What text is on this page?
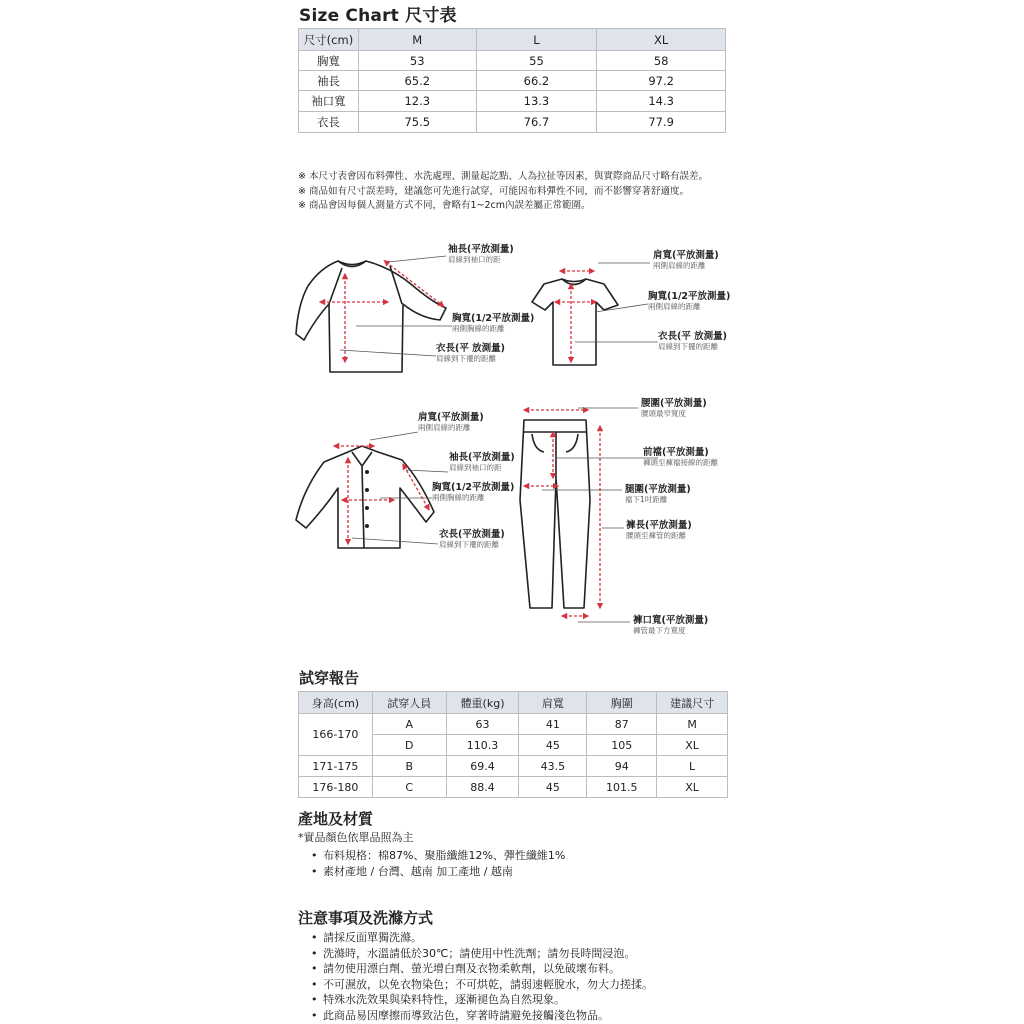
Size Chart 尺寸表
尺寸(cm)	M	L	XL
胸寬	53	55	58
袖長	65.2	66.2	97.2
袖口寬	12.3	13.3	14.3
衣長	75.5	76.7	77.9
※ 本尺寸表會因布料彈性、水洗處理、測量起訖點、人為拉扯等因素，與實際商品尺寸略有誤差。
※ 商品如有尺寸誤差時，建議您可先進行試穿，可能因布料彈性不同，而不影響穿著舒適度。
※ 商品會因每個人測量方式不同，會略有1~2cm內誤差屬正常範圍。
袖長(平放測量)
肩線到袖口的距
胸寬(1/2平放測量)
兩側胸線的距離
衣長(平 放測量)
肩線到下襬的距離
肩寬(平放測量)
兩側肩線的距離
胸寬(1/2平放測量)
兩側肩線的距離
衣長(平 放測量)
肩線到下擺的距離
肩寬(平放測量)
兩側肩線的距離
袖長(平放測量)
肩線到袖口的距
胸寬(1/2平放測量)
兩側胸線的距離
衣長(平放測量)
肩線到下襬的距離
腰圍(平放測量)
腰頭最窄寬度
前襠(平放測量)
褲頭至褲襠接線的距離
腿圍(平放測量)
襠下1吋距離
褲長(平放測量)
腰頭至褲管的距離
褲口寬(平放測量)
褲管最下方寬度
試穿報告
身高(cm)	試穿人員	體重(kg)	肩寬	胸圍	建議尺寸
166-170	A	63	41	87	M
	D	110.3	45	105	XL
171-175	B	69.4	43.5	94	L
176-180	C	88.4	45	101.5	XL
產地及材質
*實品顏色依單品照為主
• 布料規格：棉87%、聚脂纖維12%、彈性纖維1%
• 素材產地 / 台灣、越南 加工產地 / 越南
注意事項及洗滌方式
• 請採反面單獨洗滌。
• 洗滌時，水溫請低於30℃；請使用中性洗劑；請勿長時間浸泡。
• 請勿使用漂白劑、螢光增白劑及衣物柔軟劑，以免破壞布料。
• 不可濕放，以免衣物染色；不可烘乾，請弱速輕脫水，勿大力搓揉。
• 特殊水洗效果與染料特性，逐漸褪色為自然現象。
• 此商品易因摩擦而導致沾色，穿著時請避免接觸淺色物品。
